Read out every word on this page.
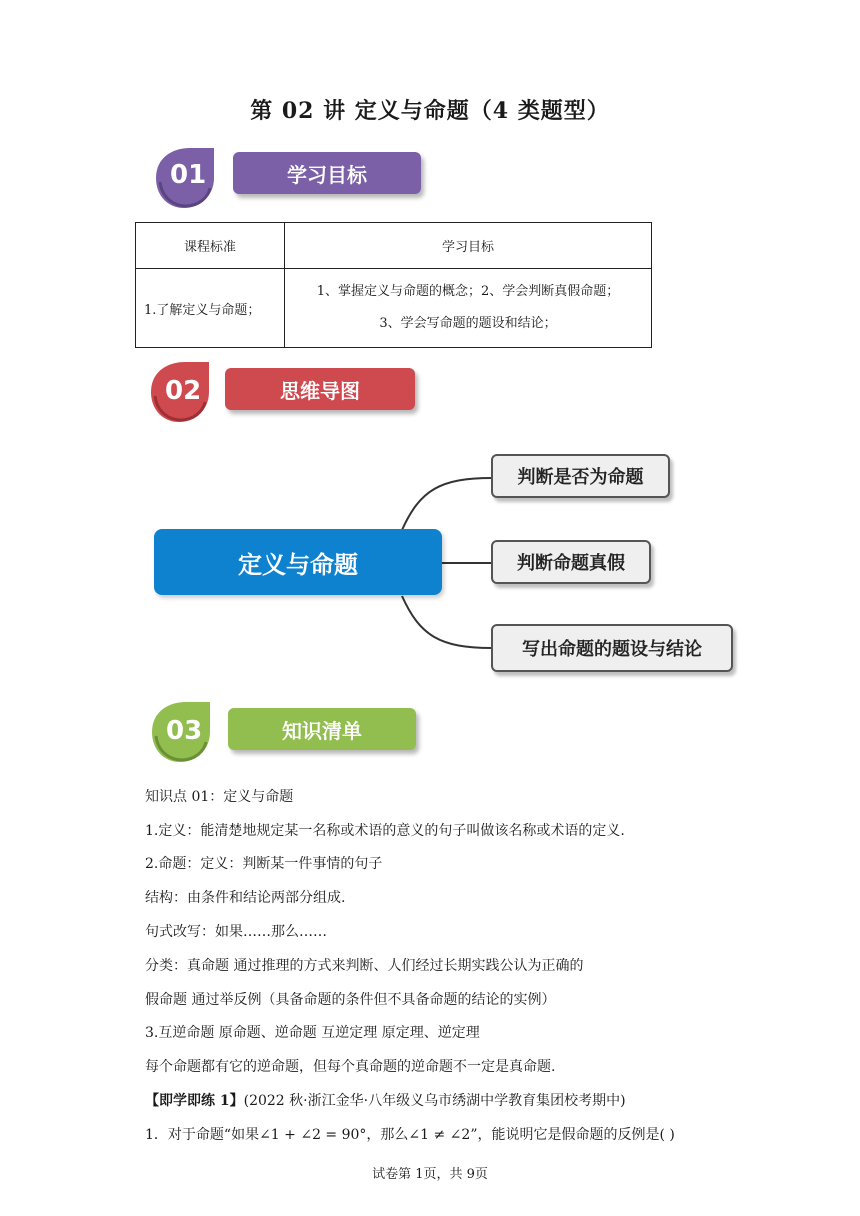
第 02 讲 定义与命题（4 类题型）
01	学习目标
课程标准	学习目标
1.了解定义与命题；	1、掌握定义与命题的概念；2、学会判断真假命题；
3、学会写命题的题设和结论；
02	思维导图
定义与命题
判断是否为命题
判断命题真假
写出命题的题设与结论
03	知识清单
知识点 01：定义与命题
1.定义：能清楚地规定某一名称或术语的意义的句子叫做该名称或术语的定义.
2.命题：定义：判断某一件事情的句子
结构：由条件和结论两部分组成.
句式改写：如果……那么……
分类：真命题 通过推理的方式来判断、人们经过长期实践公认为正确的
假命题 通过举反例（具备命题的条件但不具备命题的结论的实例）
3.互逆命题 原命题、逆命题 互逆定理 原定理、逆定理
每个命题都有它的逆命题，但每个真命题的逆命题不一定是真命题.
【即学即练 1】(2022 秋·浙江金华·八年级义乌市绣湖中学教育集团校考期中)
1．对于命题“如果∠1 + ∠2 = 90°，那么∠1 ≠ ∠2”，能说明它是假命题的反例是( )
试卷第 1页，共 9页
